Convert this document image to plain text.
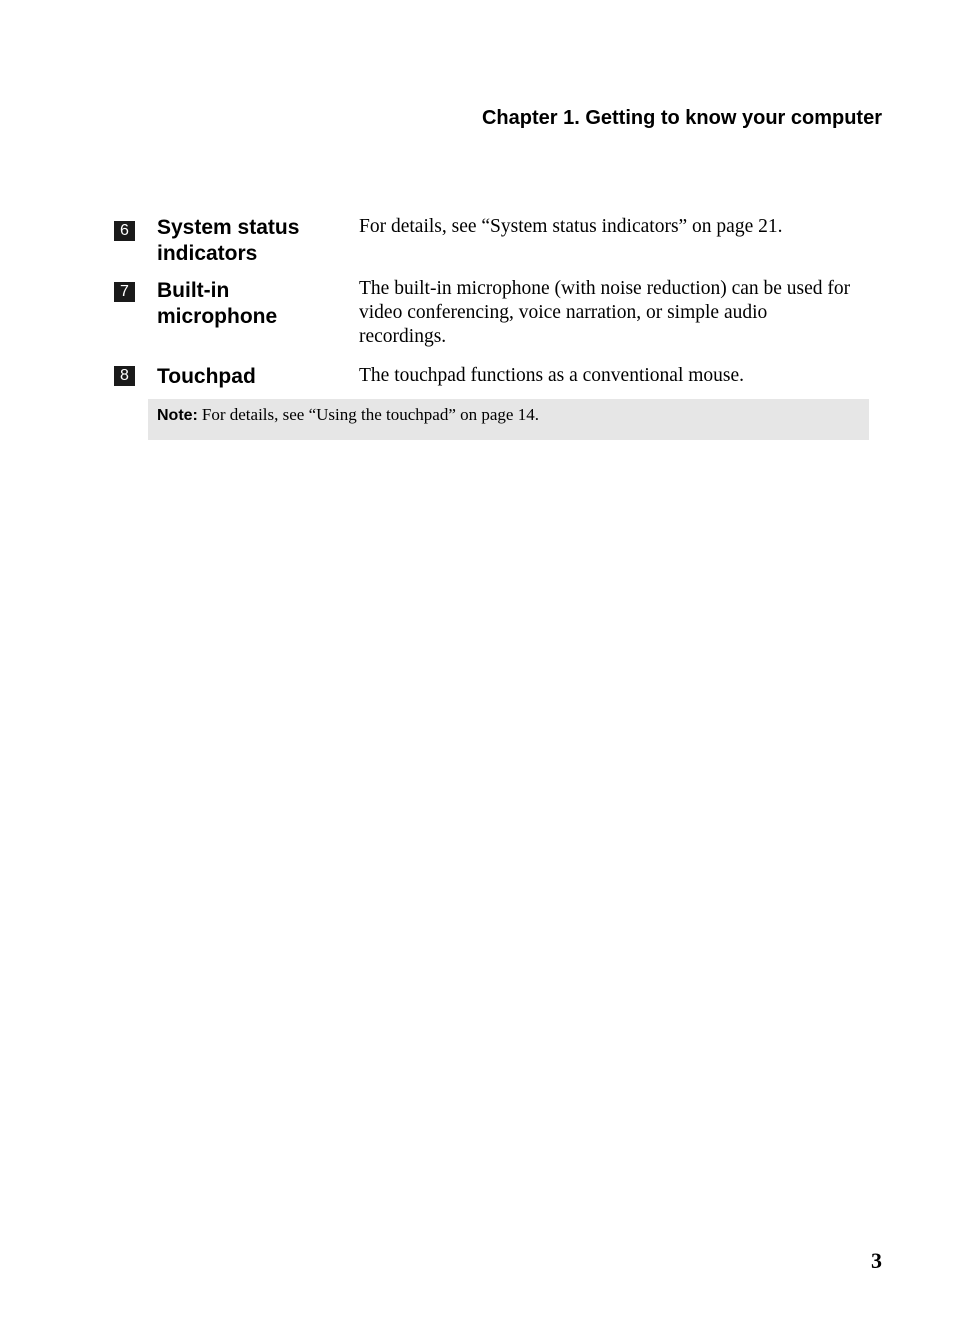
Chapter 1. Getting to know your computer
6 System status indicators
For details, see “System status indicators” on page 21.
7 Built-in microphone
The built-in microphone (with noise reduction) can be used for video conferencing, voice narration, or simple audio recordings.
8 Touchpad	The touchpad functions as a conventional mouse.
Note: For details, see “Using the touchpad” on page 14.
3
